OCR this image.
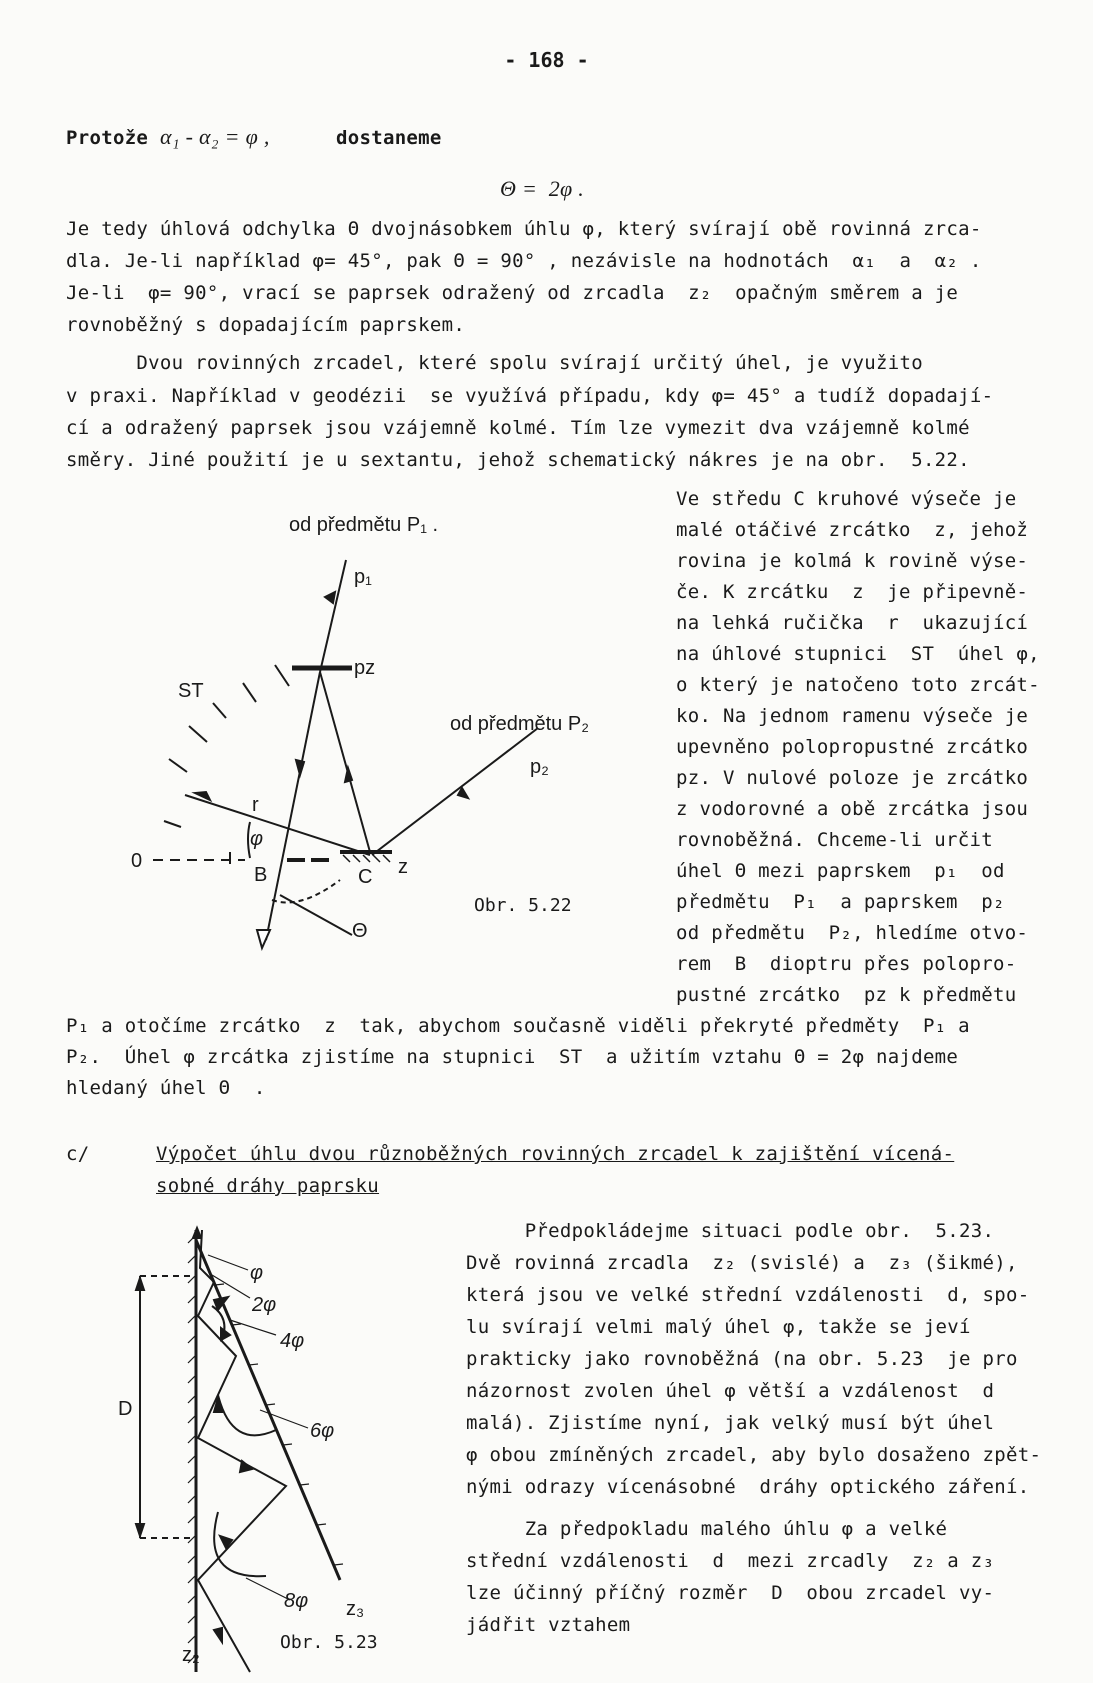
- 168 -
Protože α₁ - α₂ = φ ,	dostaneme
Θ =  2φ .
Je tedy úhlová odchylka Θ dvojnásobkem úhlu φ, který svírají obě rovinná zrca-
dla. Je-li například φ= 45°, pak Θ = 90° , nezávisle na hodnotách  α₁  a  α₂ .
Je-li  φ= 90°, vrací se paprsek odražený od zrcadla  z₂  opačným směrem a je
rovnoběžný s dopadajícím paprskem.
Dvou rovinných zrcadel, které spolu svírají určitý úhel, je využito
v praxi. Například v geodézii  se využívá případu, kdy φ= 45° a tudíž dopadají-
cí a odražený paprsek jsou vzájemně kolmé. Tím lze vymezit dva vzájemně kolmé
směry. Jiné použití je u sextantu, jehož schematický nákres je na obr.  5.22.
Ve středu C kruhové výseče je
malé otáčivé zrcátko  z, jehož
rovina je kolmá k rovině výse-
če. K zrcátku  z  je připevně-
na lehká ručička  r  ukazující
na úhlové stupnici  ST  úhel φ,
o který je natočeno toto zrcát-
ko. Na jednom ramenu výseče je
upevněno polopropustné zrcátko
pz. V nulové poloze je zrcátko
z vodorovné a obě zrcátka jsou
rovnoběžná. Chceme-li určit
úhel Θ mezi paprskem  p₁  od
předmětu  P₁  a paprskem  p₂
od předmětu  P₂, hledíme otvo-
rem  B  dioptru přes polopro-
pustné zrcátko  pz k předmětu
P₁ a otočíme zrcátko  z  tak, abychom současně viděli překryté předměty  P₁ a
P₂.  Úhel φ zrcátka zjistíme na stupnici  ST  a užitím vztahu Θ = 2φ najdeme
hledaný úhel Θ  .
c/	Výpočet úhlu dvou různoběžných rovinných zrcadel k zajištění vícená-
sobné dráhy paprsku
Předpokládejme situaci podle obr.  5.23.
Dvě rovinná zrcadla  z₂ (svislé) a  z₃ (šikmé),
která jsou ve velké střední vzdálenosti  d, spo-
lu svírají velmi malý úhel φ, takže se jeví
prakticky jako rovnoběžná (na obr. 5.23  je pro
názornost zvolen úhel φ větší a vzdálenost  d
malá). Zjistíme nyní, jak velký musí být úhel
φ obou zmíněných zrcadel, aby bylo dosaženo zpět-
nými odrazy vícenásobné  dráhy optického záření.
Za předpokladu malého úhlu φ a velké
střední vzdálenosti  d  mezi zrcadly  z₂ a z₃
lze účinný příčný rozměr  D  obou zrcadel vy-
jádřit vztahem
od předmětu P₁ .
p₁
pz
ST
od předmětu P₂
p₂
r
φ
0
B	C z
Θ
Obr. 5.22
φ
2φ
4φ
6φ
D
8φ z₃
z₂
Obr. 5.23
